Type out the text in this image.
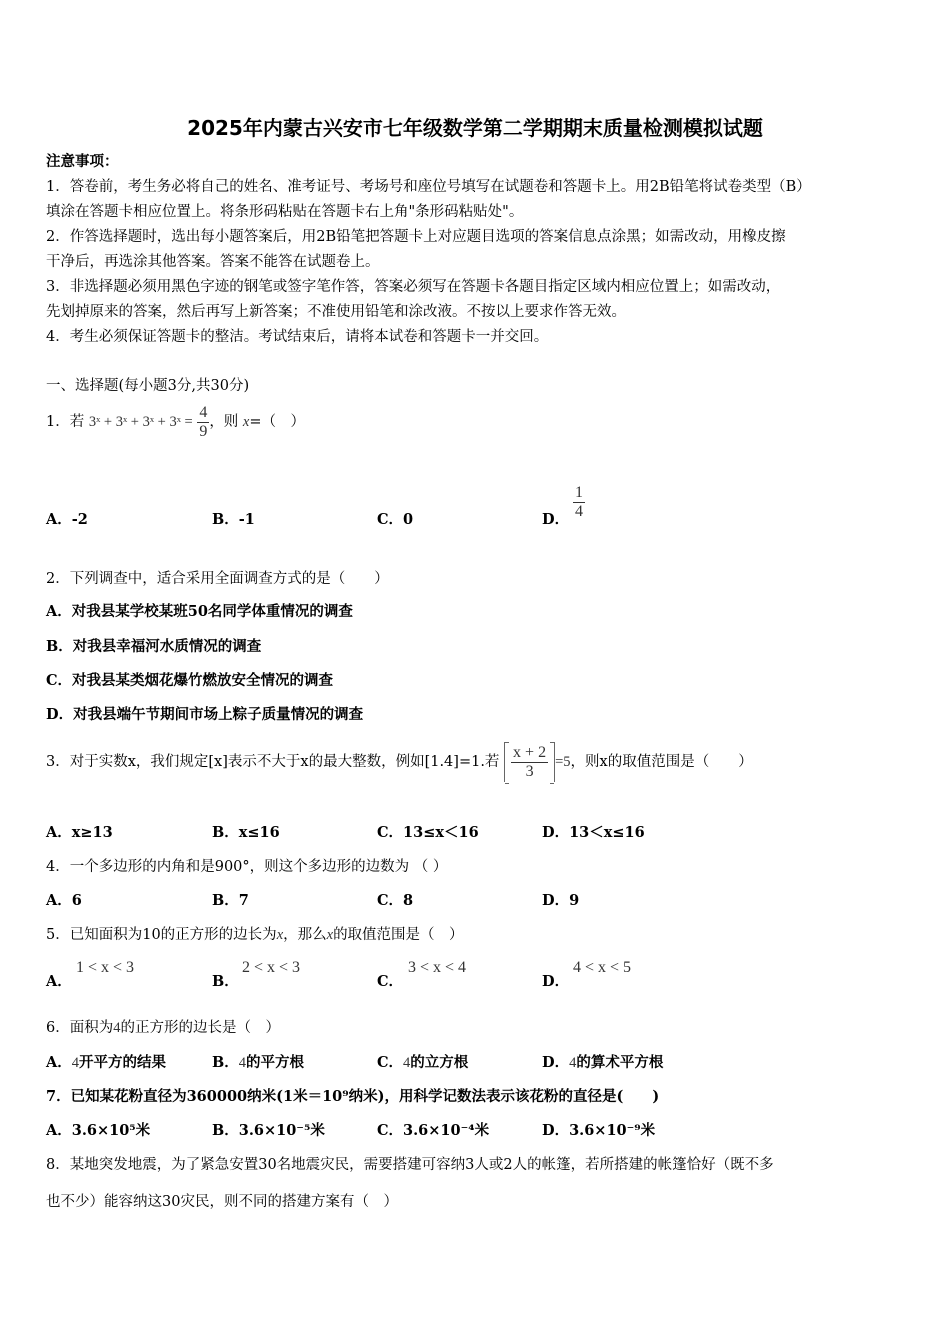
2025年内蒙古兴安市七年级数学第二学期期末质量检测模拟试题
注意事项：
1．答卷前，考生务必将自己的姓名、准考证号、考场号和座位号填写在试题卷和答题卡上。用2B铅笔将试卷类型（B）
填涂在答题卡相应位置上。将条形码粘贴在答题卡右上角"条形码粘贴处"。
2．作答选择题时，选出每小题答案后，用2B铅笔把答题卡上对应题目选项的答案信息点涂黑；如需改动，用橡皮擦
干净后，再选涂其他答案。答案不能答在试题卷上。
3．非选择题必须用黑色字迹的钢笔或签字笔作答，答案必须写在答题卡各题目指定区域内相应位置上；如需改动，
先划掉原来的答案，然后再写上新答案；不准使用铅笔和涂改液。不按以上要求作答无效。
4．考生必须保证答题卡的整洁。考试结束后，请将本试卷和答题卡一并交回。
一、选择题(每小题3分,共30分)
1．若 3ˣ + 3ˣ + 3ˣ + 3ˣ = $\frac{4}{9}$ ，则 x=（　）
A．-2	B．-1	C．0	D． $\frac{1}{4}$
2．下列调查中，适合采用全面调查方式的是（　　）
A．对我县某学校某班50名同学体重情况的调查
B．对我县幸福河水质情况的调查
C．对我县某类烟花爆竹燃放安全情况的调查
D．对我县端午节期间市场上粽子质量情况的调查
3．对于实数x，我们规定[x]表示不大于x的最大整数，例如[1.4]=1.若 $\frac{x + 2}{3} =5$，则x的取值范围是（　　）
A．x≥13	B．x≤16	C．13≤x＜16	D．13＜x≤16
4．一个多边形的内角和是900°，则这个多边形的边数为 （ ）
A．6	B．7	C．8	D．9
5．已知面积为10的正方形的边长为x，那么x的取值范围是（　）
A．
1 < x < 3
B．
2 < x < 3
C．
3 < x < 4
D．
4 < x < 5
6．面积为4的正方形的边长是（　）
A．4开平方的结果	B．4的平方根	C．4的立方根	D．4的算术平方根
7．已知某花粉直径为360000纳米(1米＝10⁹纳米)，用科学记数法表示该花粉的直径是(　　)
A．3.6×10⁵米	B．3.6×10⁻⁵米	C．3.6×10⁻⁴米	D．3.6×10⁻⁹米
8．某地突发地震，为了紧急安置30名地震灾民，需要搭建可容纳3人或2人的帐篷，若所搭建的帐篷恰好（既不多
也不少）能容纳这30灾民，则不同的搭建方案有（　）
